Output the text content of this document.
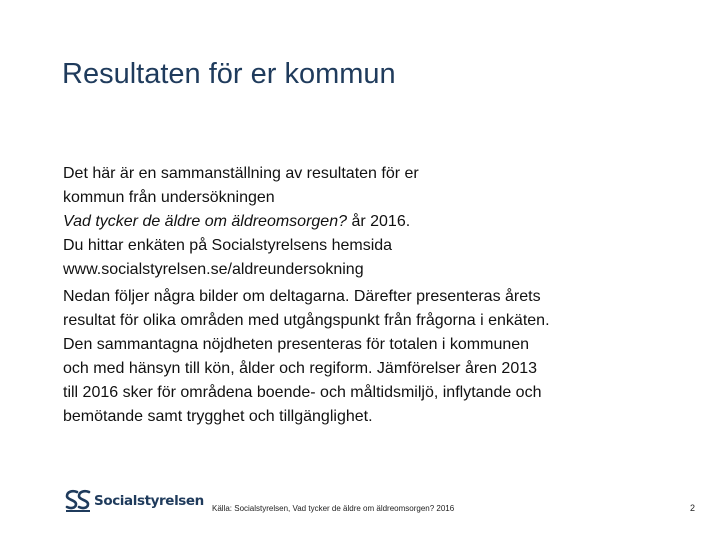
Resultaten för er kommun
Det här är en sammanställning av resultaten för er
kommun från undersökningen
Vad tycker de äldre om äldreomsorgen? år 2016.
Du hittar enkäten på Socialstyrelsens hemsida
www.socialstyrelsen.se/aldreundersokning
Nedan följer några bilder om deltagarna. Därefter presenteras årets
resultat för olika områden med utgångspunkt från frågorna i enkäten.
Den sammantagna nöjdheten presenteras för totalen i kommunen
och med hänsyn till kön, ålder och regiform. Jämförelser åren 2013
till 2016 sker för områdena boende- och måltidsmiljö, inflytande och
bemötande samt trygghet och tillgänglighet.
Socialstyrelsen Källa: Socialstyrelsen, Vad tycker de äldre om äldreomsorgen? 2016	2
